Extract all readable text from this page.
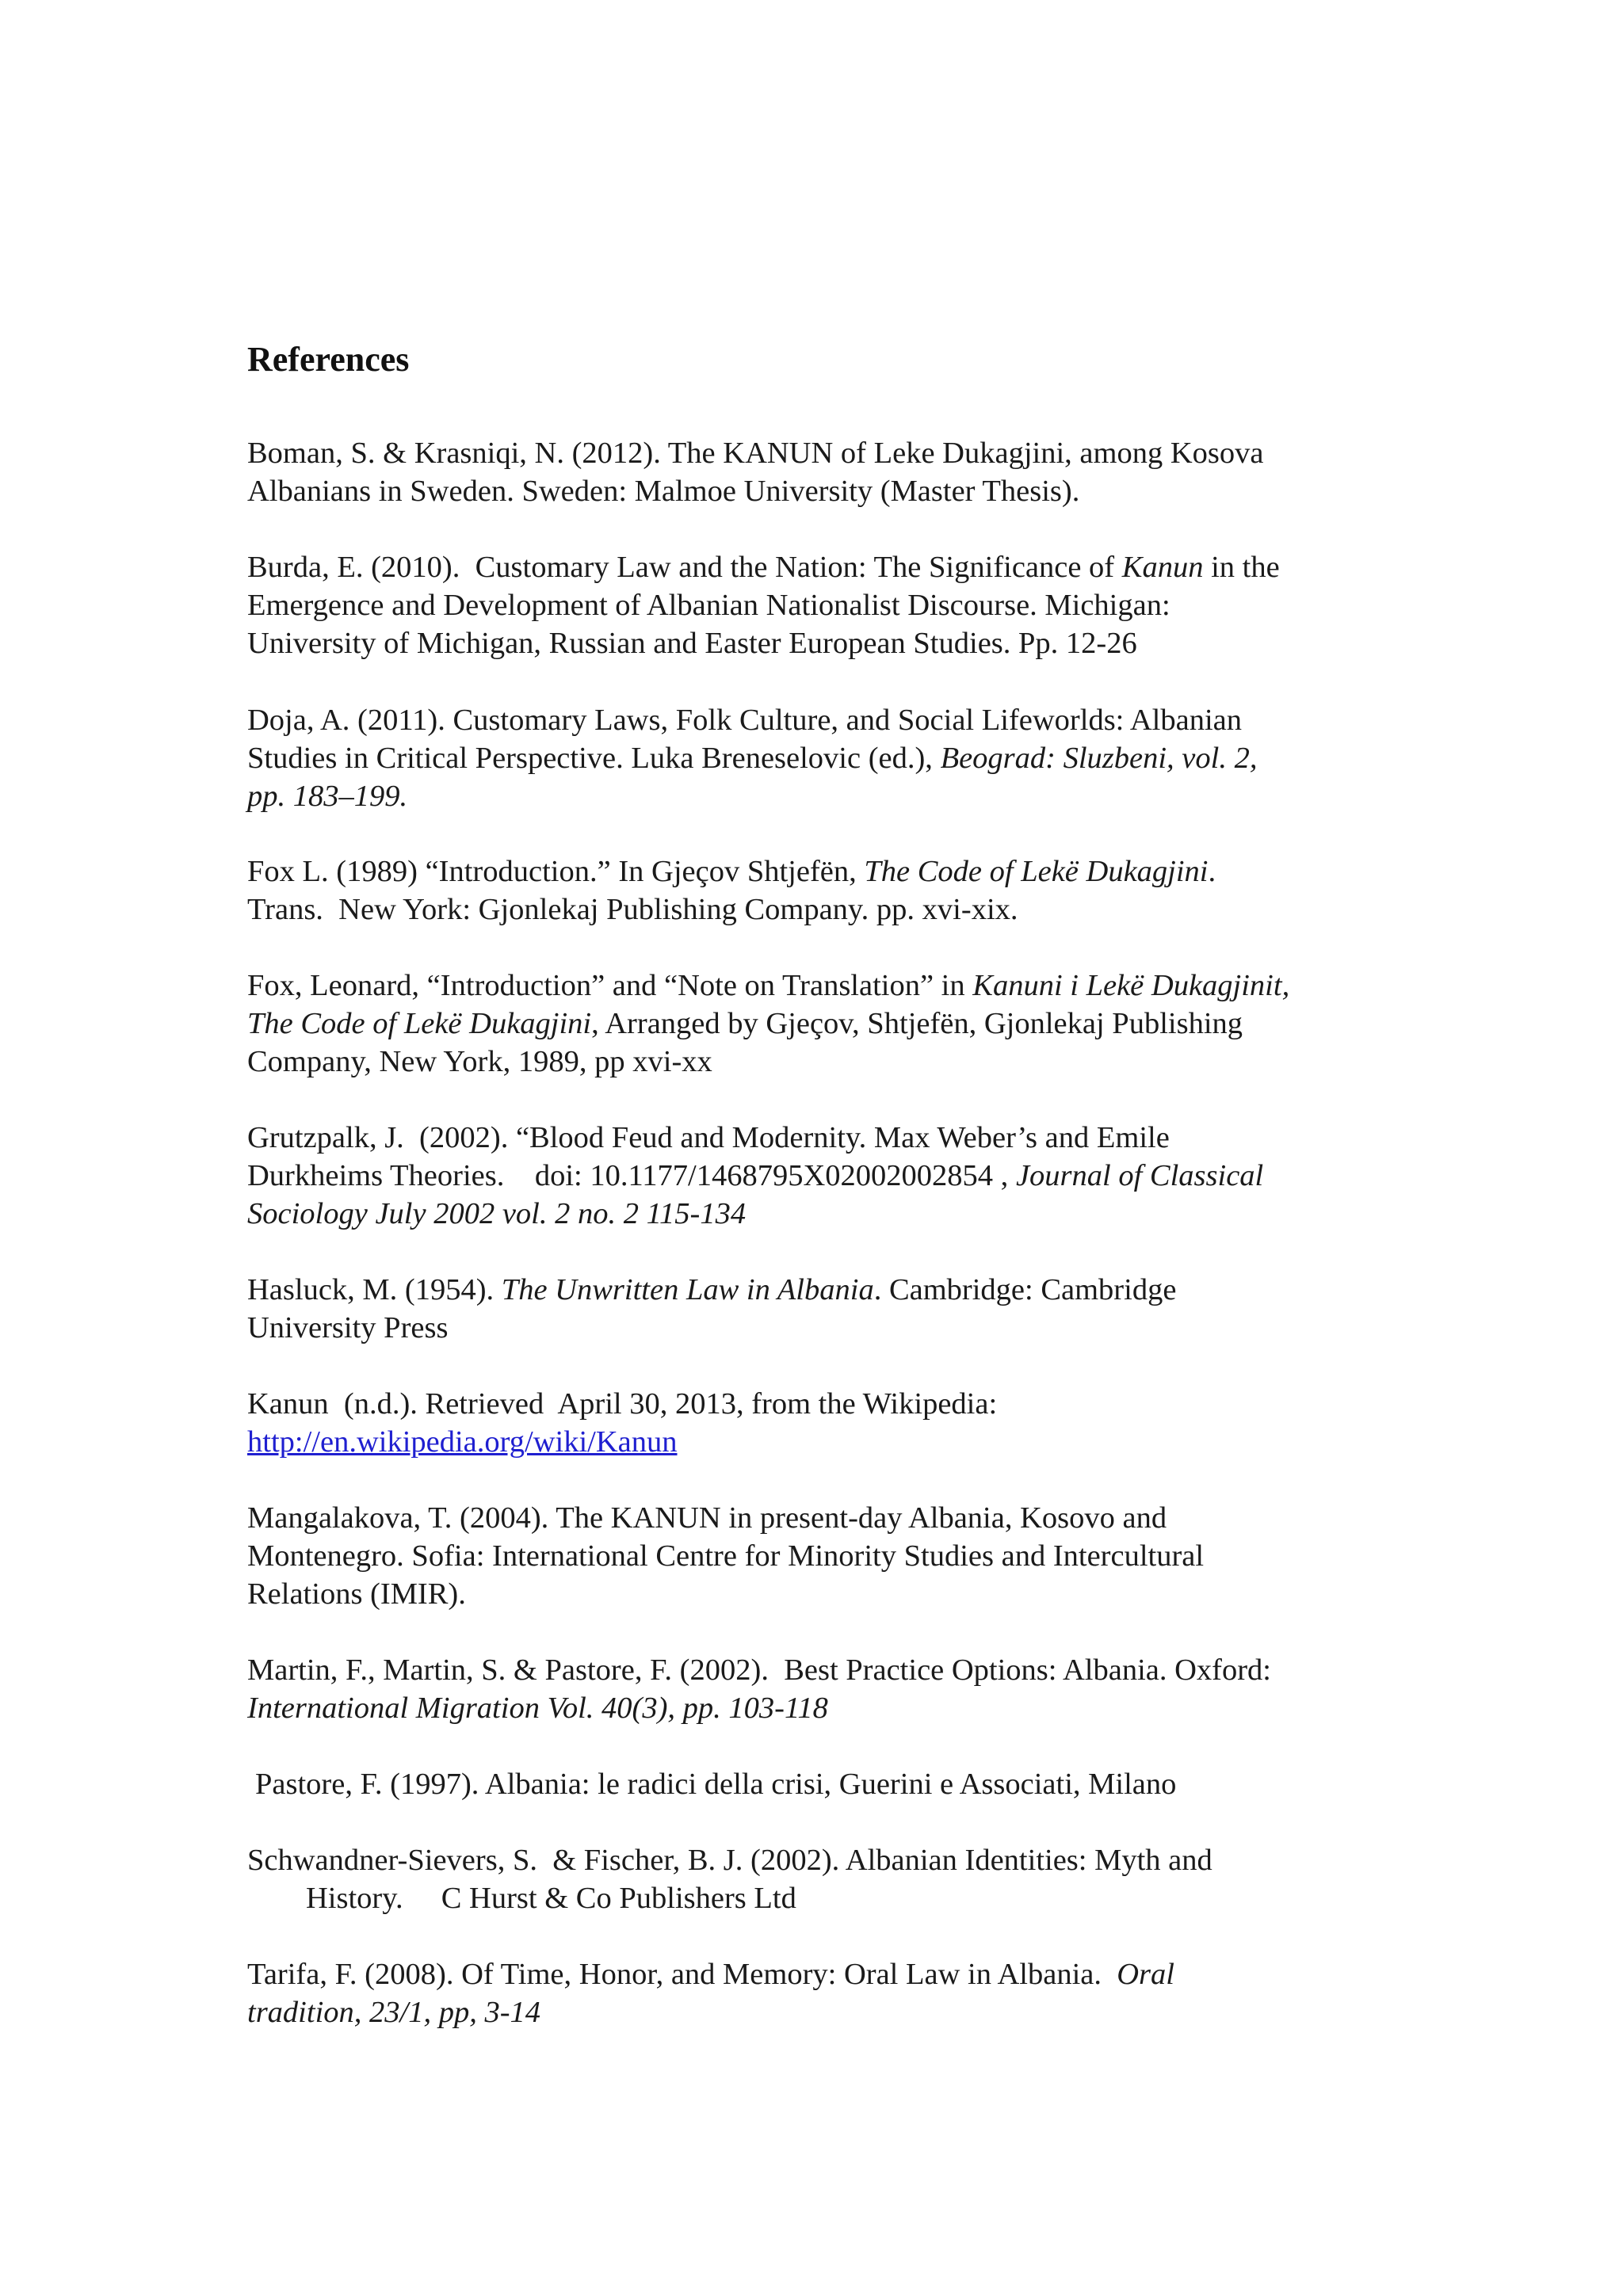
References

Boman, S. & Krasniqi, N. (2012). The KANUN of Leke Dukagjini, among Kosova
Albanians in Sweden. Sweden: Malmoe University (Master Thesis).

Burda, E. (2010).  Customary Law and the Nation: The Significance of Kanun in the
Emergence and Development of Albanian Nationalist Discourse. Michigan:
University of Michigan, Russian and Easter European Studies. Pp. 12-26

Doja, A. (2011). Customary Laws, Folk Culture, and Social Lifeworlds: Albanian
Studies in Critical Perspective. Luka Breneselovic (ed.), Beograd: Sluzbeni, vol. 2,
pp. 183–199.

Fox L. (1989) “Introduction.” In Gjeçov Shtjefën, The Code of Lekë Dukagjini.
Trans.  New York: Gjonlekaj Publishing Company. pp. xvi-xix.

Fox, Leonard, “Introduction” and “Note on Translation” in Kanuni i Lekë Dukagjinit,
The Code of Lekë Dukagjini, Arranged by Gjeçov, Shtjefën, Gjonlekaj Publishing
Company, New York, 1989, pp xvi-xx

Grutzpalk, J.  (2002). “Blood Feud and Modernity. Max Weber’s and Emile
Durkheims Theories.    doi: 10.1177/1468795X02002002854 , Journal of Classical
Sociology July 2002 vol. 2 no. 2 115-134

Hasluck, M. (1954). The Unwritten Law in Albania. Cambridge: Cambridge
University Press

Kanun  (n.d.). Retrieved  April 30, 2013, from the Wikipedia:
http://en.wikipedia.org/wiki/Kanun

Mangalakova, T. (2004). The KANUN in present-day Albania, Kosovo and
Montenegro. Sofia: International Centre for Minority Studies and Intercultural
Relations (IMIR).

Martin, F., Martin, S. & Pastore, F. (2002).  Best Practice Options: Albania. Oxford:
International Migration Vol. 40(3), pp. 103-118

Pastore, F. (1997). Albania: le radici della crisi, Guerini e Associati, Milano

Schwandner-Sievers, S.  & Fischer, B. J. (2002). Albanian Identities: Myth and
History.     C Hurst & Co Publishers Ltd

Tarifa, F. (2008). Of Time, Honor, and Memory: Oral Law in Albania.  Oral
tradition, 23/1, pp, 3-14
